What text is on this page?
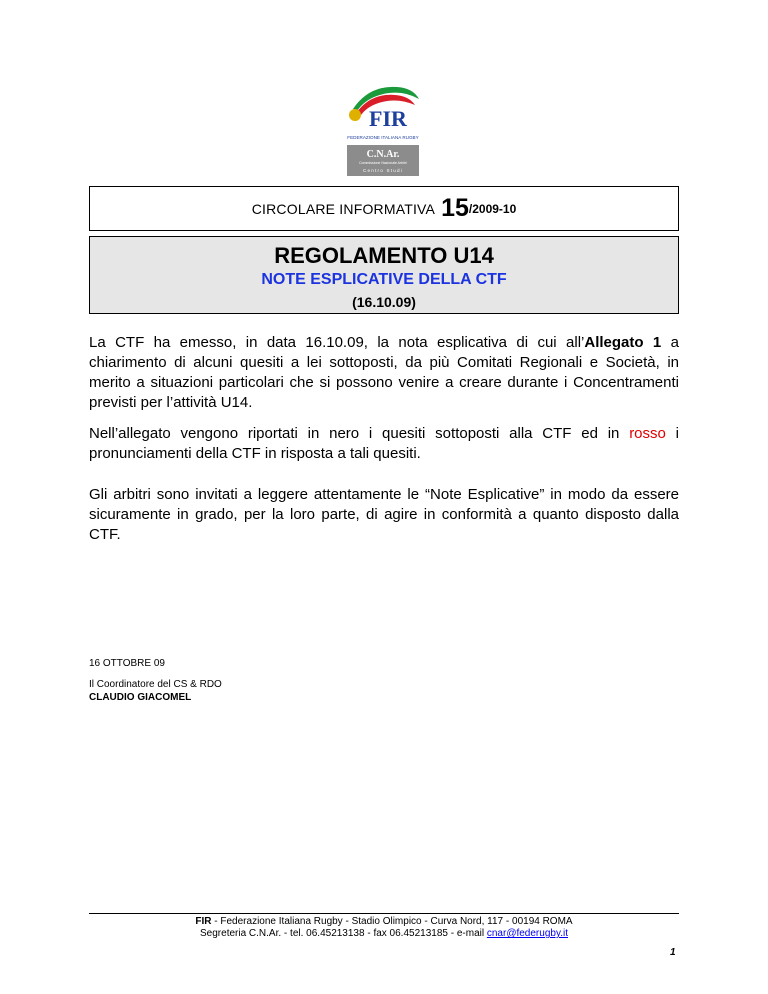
FIR
FEDERAZIONE ITALIANA RUGBY
C.N.Ar.
Commissione Nazionale Arbitri
Centro Studi
CIRCOLARE INFORMATIVA 15 /2009-10
REGOLAMENTO U14
NOTE ESPLICATIVE DELLA CTF
(16.10.09)
La CTF ha emesso, in data 16.10.09, la nota esplicativa di cui all’Allegato 1 a chiarimento di alcuni quesiti a lei sottoposti, da più Comitati Regionali e Società, in merito a situazioni particolari che si possono venire a creare durante i Concentramenti previsti per l’attività U14.
Nell’allegato vengono riportati in nero i quesiti sottoposti alla CTF ed in rosso i pronunciamenti della CTF in risposta a tali quesiti.
Gli arbitri sono invitati a leggere attentamente le “Note Esplicative” in modo da essere sicuramente in grado, per la loro parte, di agire in conformità a quanto disposto dalla CTF.
16 OTTOBRE 09
Il Coordinatore del CS & RDO
CLAUDIO GIACOMEL
FIR - Federazione Italiana Rugby - Stadio Olimpico - Curva Nord, 117 - 00194 ROMA
Segreteria C.N.Ar. - tel. 06.45213138 - fax 06.45213185 - e-mail cnar@federugby.it
1
